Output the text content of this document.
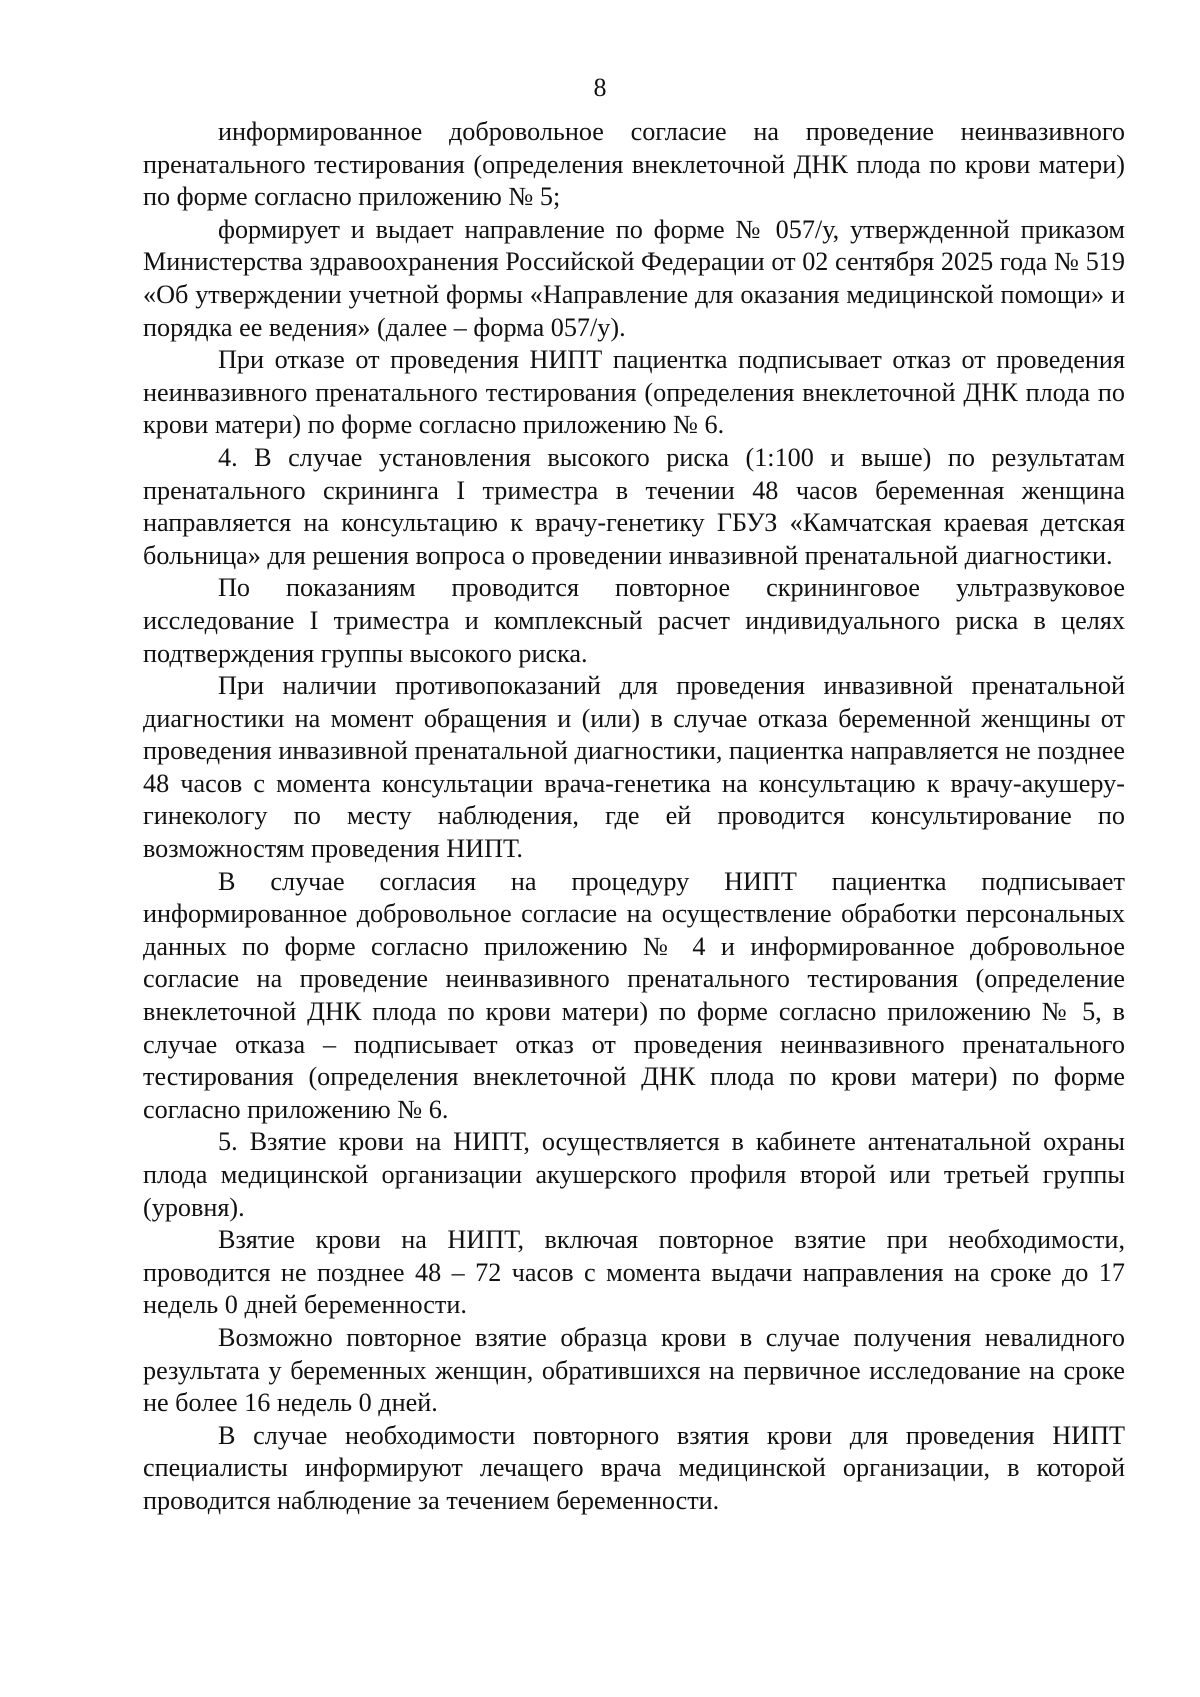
8

информированное добровольное согласие на проведение неинвазивного пренатального тестирования (определения внеклеточной ДНК плода по крови матери) по форме согласно приложению № 5;

формирует и выдает направление по форме № 057/у, утвержденной приказом Министерства здравоохранения Российской Федерации от 02 сентября 2025 года № 519 «Об утверждении учетной формы «Направление для оказания медицинской помощи» и порядка ее ведения» (далее – форма 057/у).

При отказе от проведения НИПТ пациентка подписывает отказ от проведения неинвазивного пренатального тестирования (определения внеклеточной ДНК плода по крови матери) по форме согласно приложению № 6.

4. В случае установления высокого риска (1:100 и выше) по результатам пренатального скрининга I триместра в течении 48 часов беременная женщина направляется на консультацию к врачу-генетику ГБУЗ «Камчатская краевая детская больница» для решения вопроса о проведении инвазивной пренатальной диагностики.

По показаниям проводится повторное скрининговое ультразвуковое исследование I триместра и комплексный расчет индивидуального риска в целях подтверждения группы высокого риска.

При наличии противопоказаний для проведения инвазивной пренатальной диагностики на момент обращения и (или) в случае отказа беременной женщины от проведения инвазивной пренатальной диагностики, пациентка направляется не позднее 48 часов с момента консультации врача-генетика на консультацию к врачу-акушеру-гинекологу по месту наблюдения, где ей проводится консультирование по возможностям проведения НИПТ.

В случае согласия на процедуру НИПТ пациентка подписывает информированное добровольное согласие на осуществление обработки персональных данных по форме согласно приложению № 4 и информированное добровольное согласие на проведение неинвазивного пренатального тестирования (определение внеклеточной ДНК плода по крови матери) по форме согласно приложению № 5, в случае отказа – подписывает отказ от проведения неинвазивного пренатального тестирования (определения внеклеточной ДНК плода по крови матери) по форме согласно приложению № 6.

5. Взятие крови на НИПТ, осуществляется в кабинете антенатальной охраны плода медицинской организации акушерского профиля второй или третьей группы (уровня).

Взятие крови на НИПТ, включая повторное взятие при необходимости, проводится не позднее 48 – 72 часов с момента выдачи направления на сроке до 17 недель 0 дней беременности.

Возможно повторное взятие образца крови в случае получения невалидного результата у беременных женщин, обратившихся на первичное исследование на сроке не более 16 недель 0 дней.

В случае необходимости повторного взятия крови для проведения НИПТ специалисты информируют лечащего врача медицинской организации, в которой проводится наблюдение за течением беременности.
